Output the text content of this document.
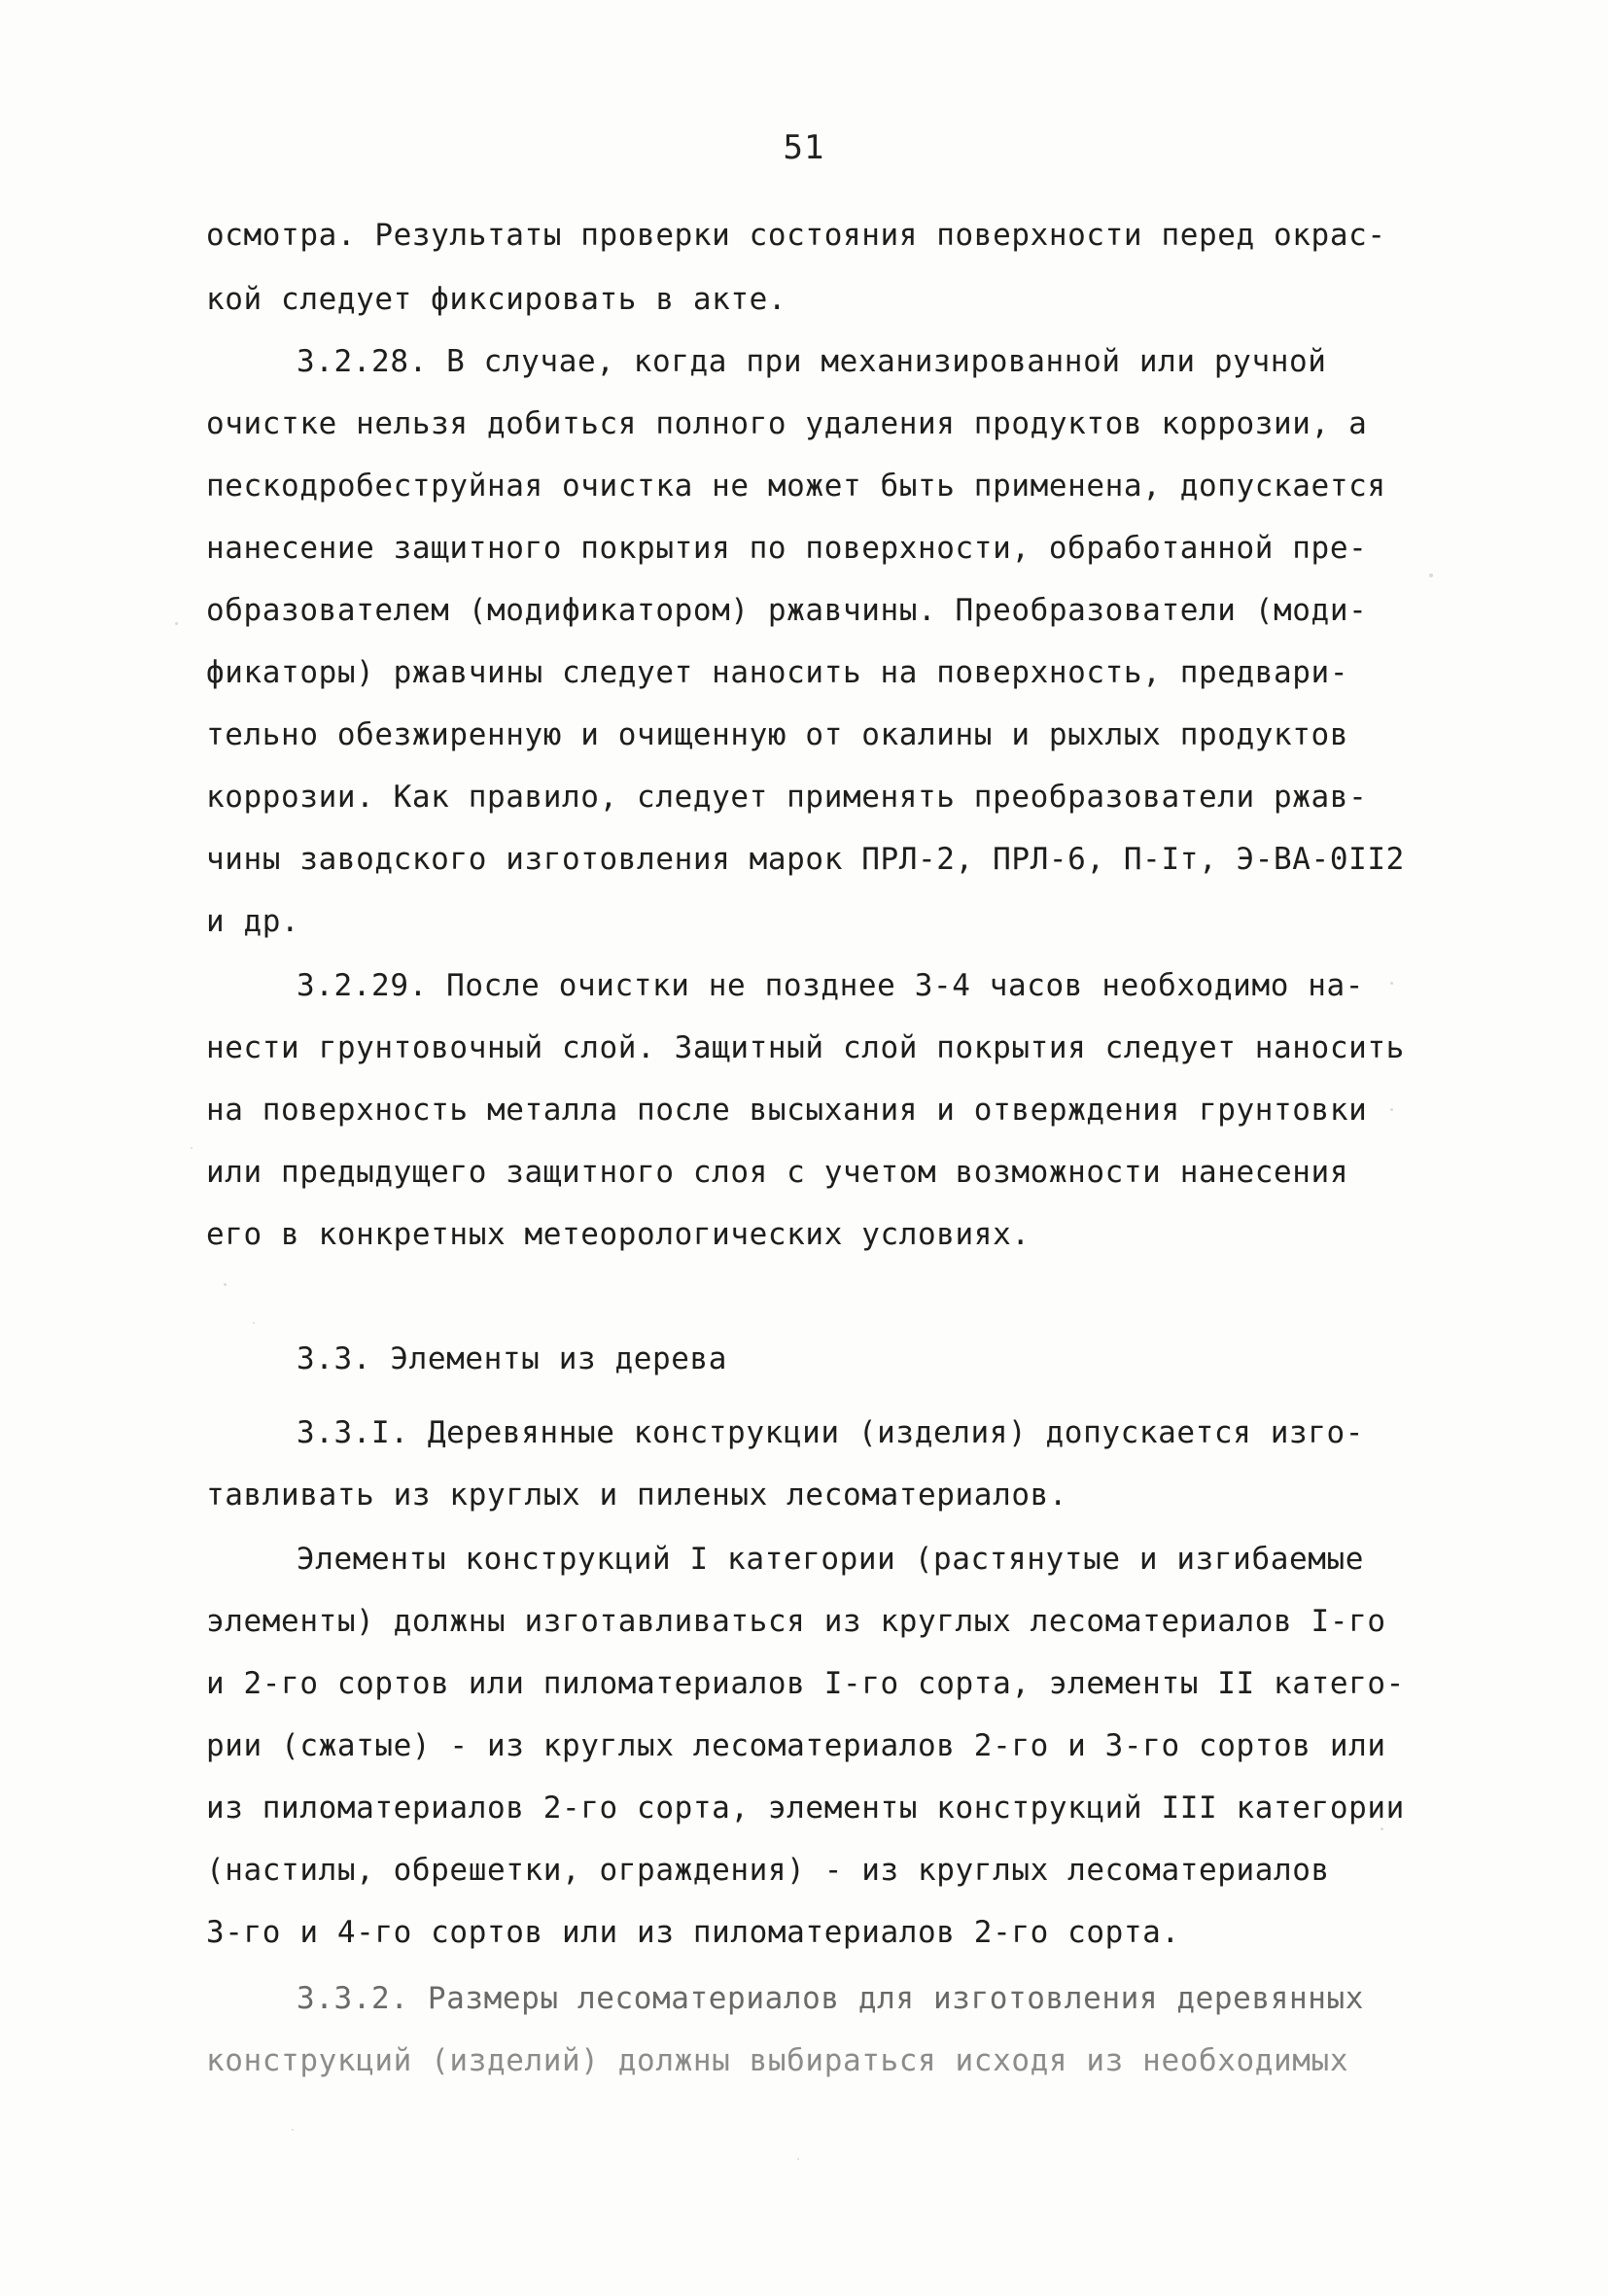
51
осмотра. Результаты проверки состояния поверхности перед окрас-
кой следует фиксировать в акте.
3.2.28. В случае, когда при механизированной или ручной
очистке нельзя добиться полного удаления продуктов коррозии, а
пескодробеструйная очистка не может быть применена, допускается
нанесение защитного покрытия по поверхности, обработанной пре-
образователем (модификатором) ржавчины. Преобразователи (моди-
фикаторы) ржавчины следует наносить на поверхность, предвари-
тельно обезжиренную и очищенную от окалины и рыхлых продуктов
коррозии. Как правило, следует применять преобразователи ржав-
чины заводского изготовления марок ПРЛ-2, ПРЛ-6, П-Iт, Э-ВА-0II2
и др.
3.2.29. После очистки не позднее 3-4 часов необходимо на-
нести грунтовочный слой. Защитный слой покрытия следует наносить
на поверхность металла после высыхания и отверждения грунтовки
или предыдущего защитного слоя с учетом возможности нанесения
его в конкретных метеорологических условиях.
3.3. Элементы из дерева
3.3.I. Деревянные конструкции (изделия) допускается изго-
тавливать из круглых и пиленых лесоматериалов.
Элементы конструкций I категории (растянутые и изгибаемые
элементы) должны изготавливаться из круглых лесоматериалов I-го
и 2-го сортов или пиломатериалов I-го сорта, элементы II катего-
рии (сжатые) - из круглых лесоматериалов 2-го и 3-го сортов или
из пиломатериалов 2-го сорта, элементы конструкций III категории
(настилы, обрешетки, ограждения) - из круглых лесоматериалов
3-го и 4-го сортов или из пиломатериалов 2-го сорта.
3.3.2. Размеры лесоматериалов для изготовления деревянных
конструкций (изделий) должны выбираться исходя из необходимых
